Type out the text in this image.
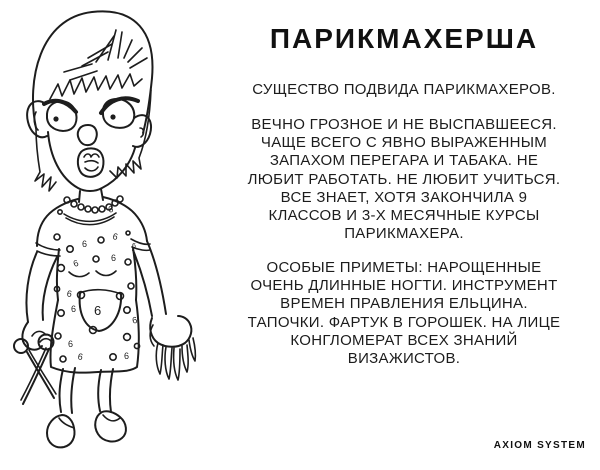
6
6
6
6
6
6	6
6
6
6
6
6	6
ПАРИКМАХЕРША

СУЩЕСТВО ПОДВИДА ПАРИКМАХЕРОВ.

ВЕЧНО ГРОЗНОЕ И НЕ ВЫСПАВШЕЕСЯ.
ЧАЩЕ ВСЕГО С ЯВНО ВЫРАЖЕННЫМ
ЗАПАХОМ ПЕРЕГАРА И ТАБАКА. НЕ
ЛЮБИТ РАБОТАТЬ. НЕ ЛЮБИТ УЧИТЬСЯ.
ВСЕ ЗНАЕТ, ХОТЯ ЗАКОНЧИЛА 9
КЛАССОВ И 3-Х МЕСЯЧНЫЕ КУРСЫ
ПАРИКМАХЕРА.

ОСОБЫЕ ПРИМЕТЫ: НАРОЩЕННЫЕ
ОЧЕНЬ ДЛИННЫЕ НОГТИ. ИНСТРУМЕНТ
ВРЕМЕН ПРАВЛЕНИЯ ЕЛЬЦИНА.
ТАПОЧКИ. ФАРТУК В ГОРОШЕК. НА ЛИЦЕ
КОНГЛОМЕРАТ ВСЕХ ЗНАНИЙ
ВИЗАЖИСТОВ.

AXIOM SYSTEM
